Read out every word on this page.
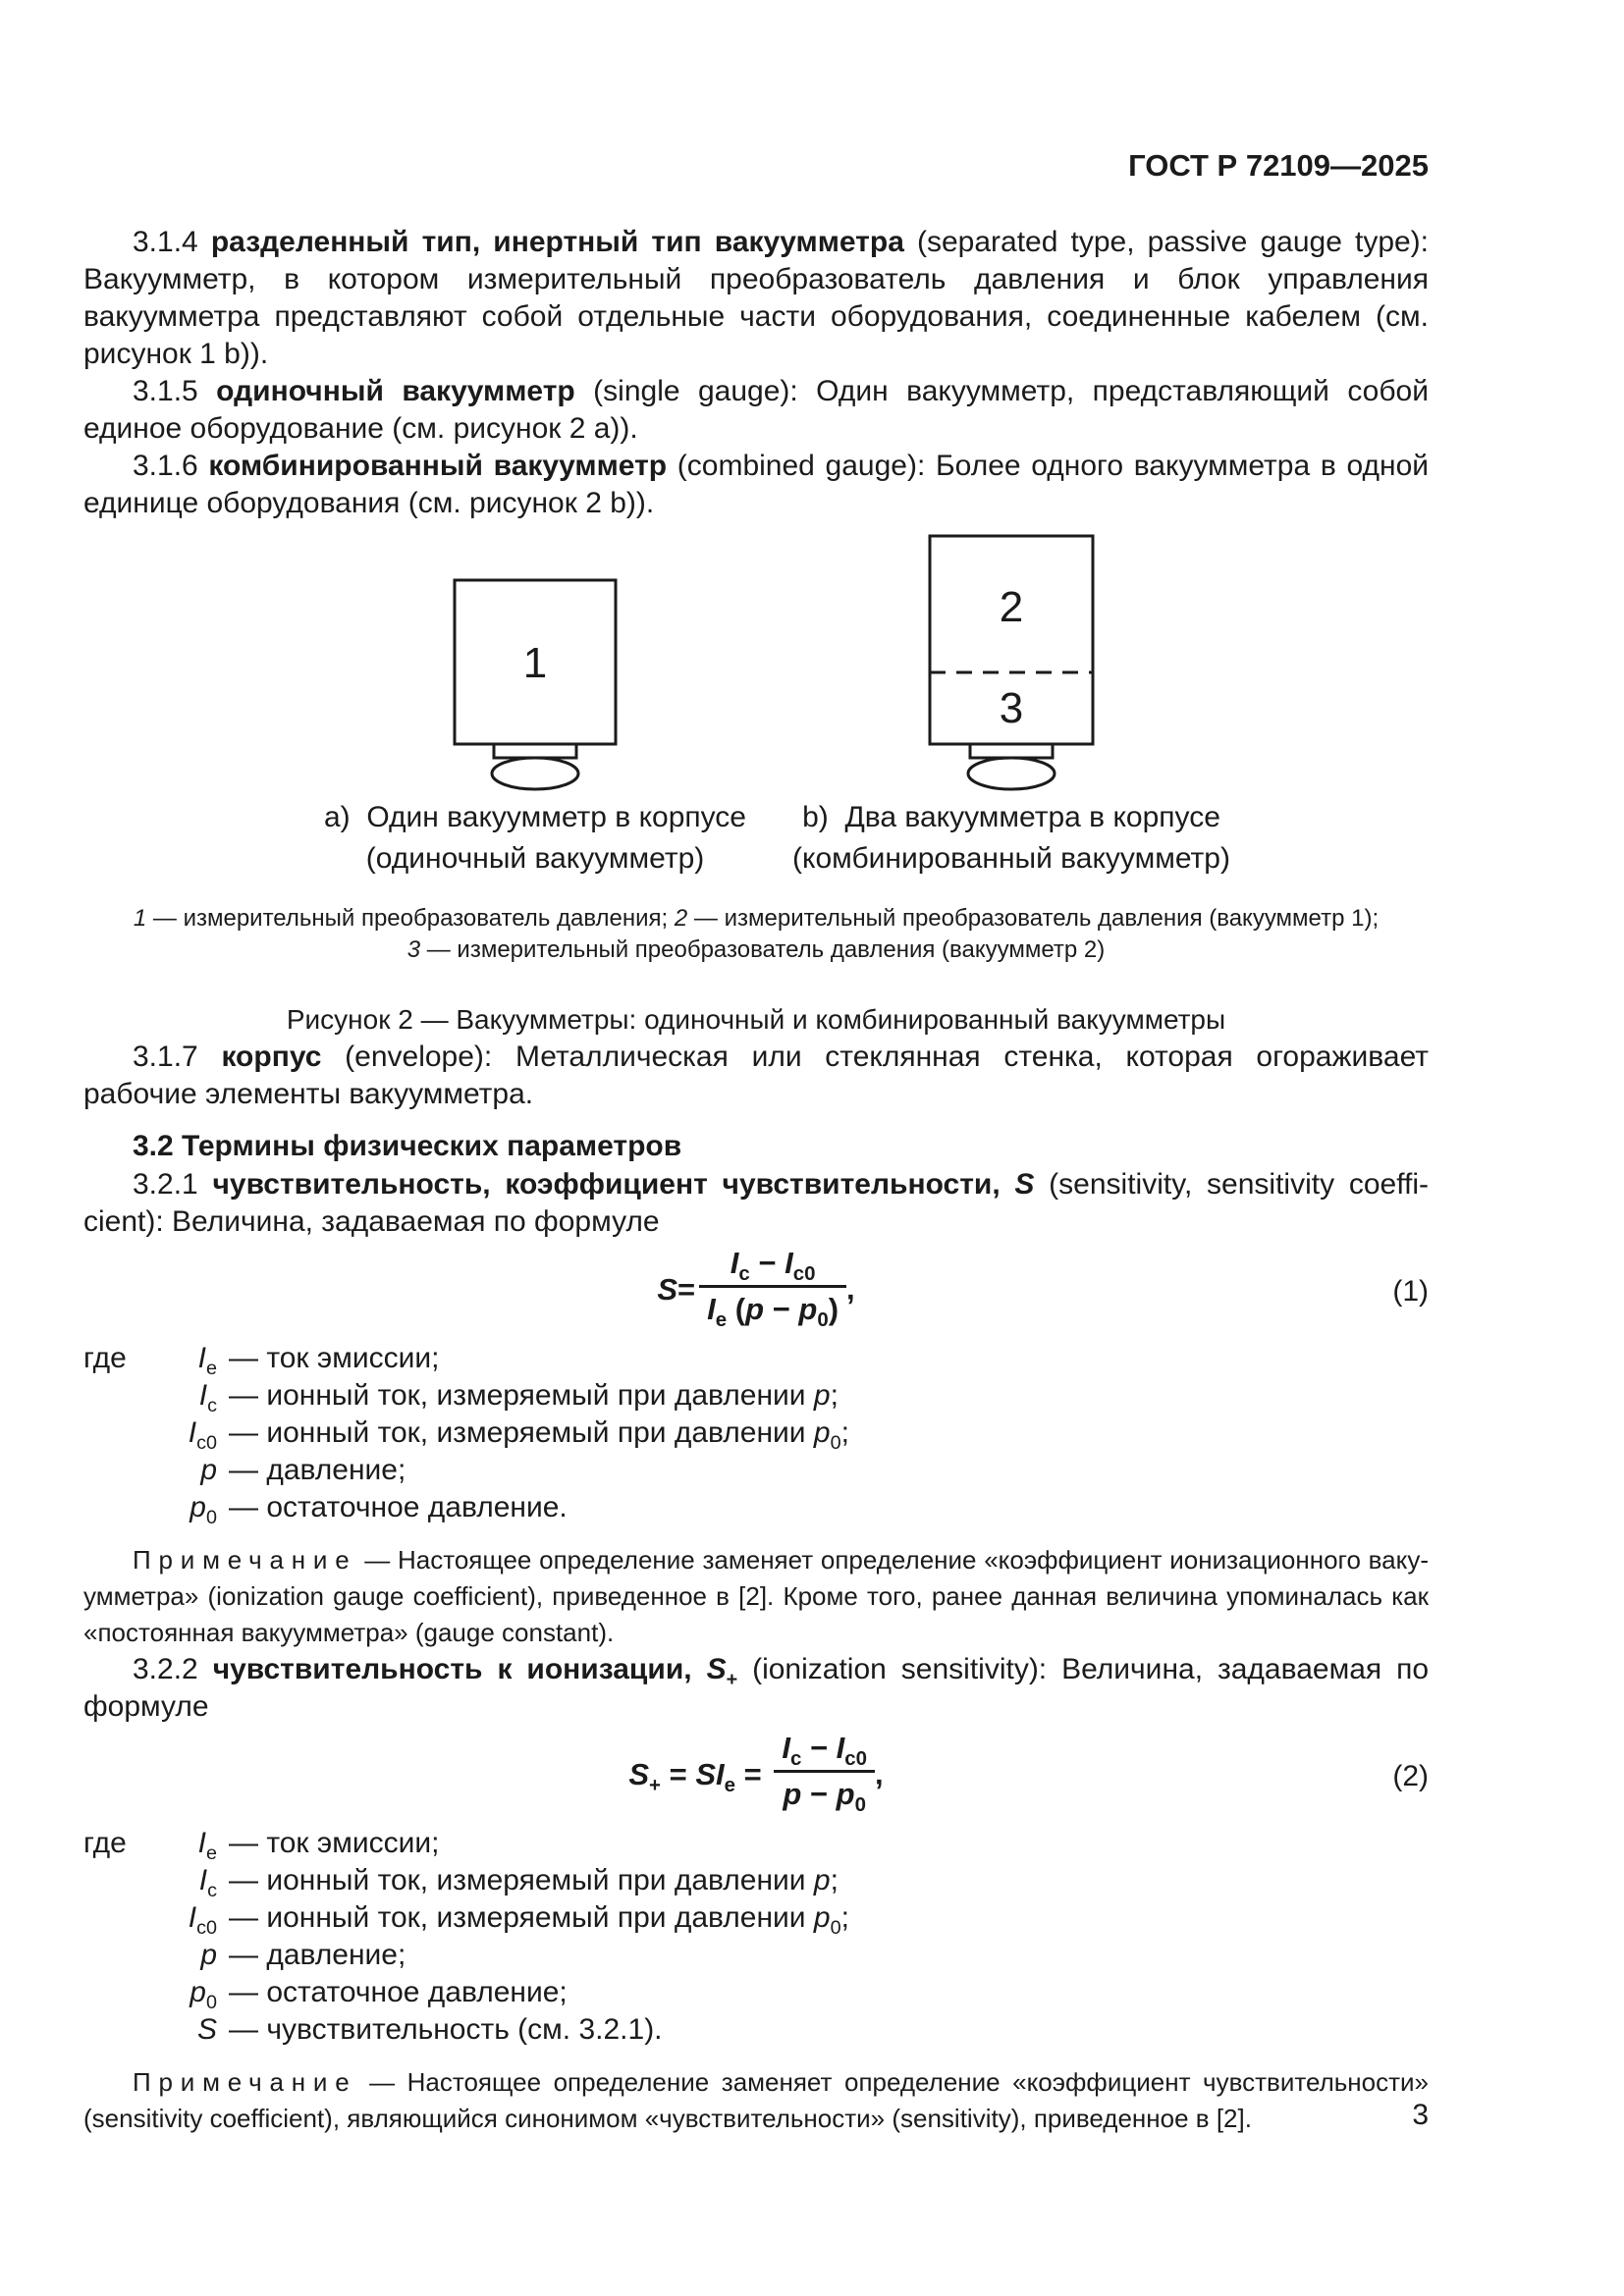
ГОСТ Р 72109—2025

3.1.4 разделенный тип, инертный тип вакуумметра (separated type, passive gauge type): Вакуумметр, в котором измерительный преобразователь давления и блок управления вакуумметра представляют собой отдельные части оборудования, соединенные кабелем (см. рисунок 1 b)).

3.1.5 одиночный вакуумметр (single gauge): Один вакуумметр, представляющий собой единое оборудование (см. рисунок 2 а)).

3.1.6 комбинированный вакуумметр (combined gauge): Более одного вакуумметра в одной единице оборудования (см. рисунок 2 b)).

1
a)  Один вакуумметр в корпусе
(одиночный вакуумметр)
2
3
b)  Два вакуумметра в корпусе
(комбинированный вакуумметр)
1 — измерительный преобразователь давления; 2 — измерительный преобразователь давления (вакуумметр 1);
3 — измерительный преобразователь давления (вакуумметр 2)
Рисунок 2 — Вакуумметры: одиночный и комбинированный вакуумметры

3.1.7 корпус (envelope): Металлическая или стеклянная стенка, которая огораживает рабочие элементы вакуумметра.

3.2 Термины физических параметров

3.2.1 чувствительность, коэффициент чувствительности, S (sensitivity, sensitivity coefficient): Величина, задаваемая по формуле

$S= \frac{I_c - I_{c0}}{I_e (p - p_0)}$ ,	(1)
где	$I_e$ — ток эмиссии;
$I_c$ — ионный ток, измеряемый при давлении p;
$I_{c0}$ — ионный ток, измеряемый при давлении $p_0$;
p — давление;
$p_0$ — остаточное давление.
Примечание — Настоящее определение заменяет определение «коэффициент ионизационного вакуумметра» (ionization gauge coefficient), приведенное в [2]. Кроме того, ранее данная величина упоминалась как «постоянная вакуумметра» (gauge constant).

3.2.2 чувствительность к ионизации, $S_+$ (ionization sensitivity): Величина, задаваемая по формуле

$S_+ = SI_e = \frac{I_c - I_{c0}}{p - p_0}$ ,	(2)
где	$I_e$ — ток эмиссии;
$I_c$ — ионный ток, измеряемый при давлении p;
$I_{c0}$ — ионный ток, измеряемый при давлении $p_0$;
p — давление;
$p_0$ — остаточное давление;
S — чувствительность (см. 3.2.1).
Примечание — Настоящее определение заменяет определение «коэффициент чувствительности» (sensitivity coefficient), являющийся синонимом «чувствительности» (sensitivity), приведенное в [2].	3
